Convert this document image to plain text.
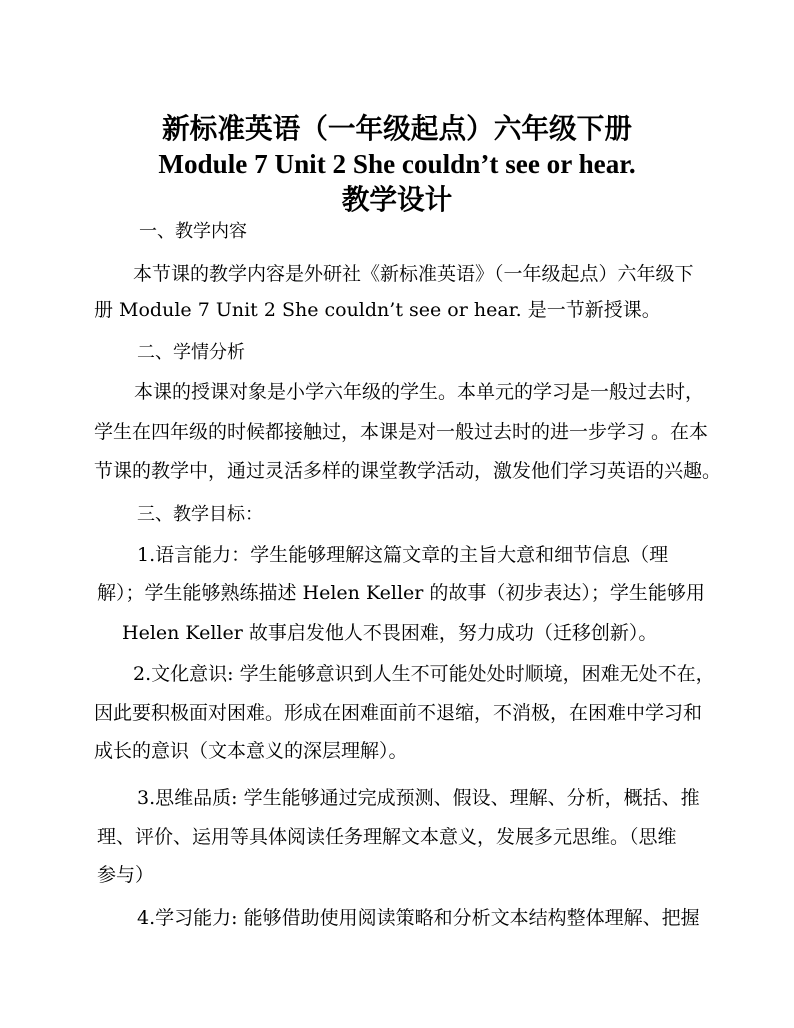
新标准英语（一年级起点）六年级下册
Module 7 Unit 2 She couldn’t see or hear.
教学设计
一、教学内容
本节课的教学内容是外研社《新标准英语》（一年级起点）六年级下
册 Module 7 Unit 2 She couldn’t see or hear. 是一节新授课。
二、学情分析
本课的授课对象是小学六年级的学生。本单元的学习是一般过去时，
学生在四年级的时候都接触过，本课是对一般过去时的进一步学习 。在本
节课的教学中，通过灵活多样的课堂教学活动，激发他们学习英语的兴趣。
三、教学目标：
1.语言能力：学生能够理解这篇文章的主旨大意和细节信息（理
解）；学生能够熟练描述 Helen Keller 的故事（初步表达）；学生能够用
Helen Keller 故事启发他人不畏困难，努力成功（迁移创新）。
2.文化意识: 学生能够意识到人生不可能处处时顺境，困难无处不在，
因此要积极面对困难。形成在困难面前不退缩，不消极，在困难中学习和
成长的意识（文本意义的深层理解）。
3.思维品质: 学生能够通过完成预测、假设、理解、分析，概括、推
理、评价、运用等具体阅读任务理解文本意义，发展多元思维。（思维
参与）
4.学习能力: 能够借助使用阅读策略和分析文本结构整体理解、把握
